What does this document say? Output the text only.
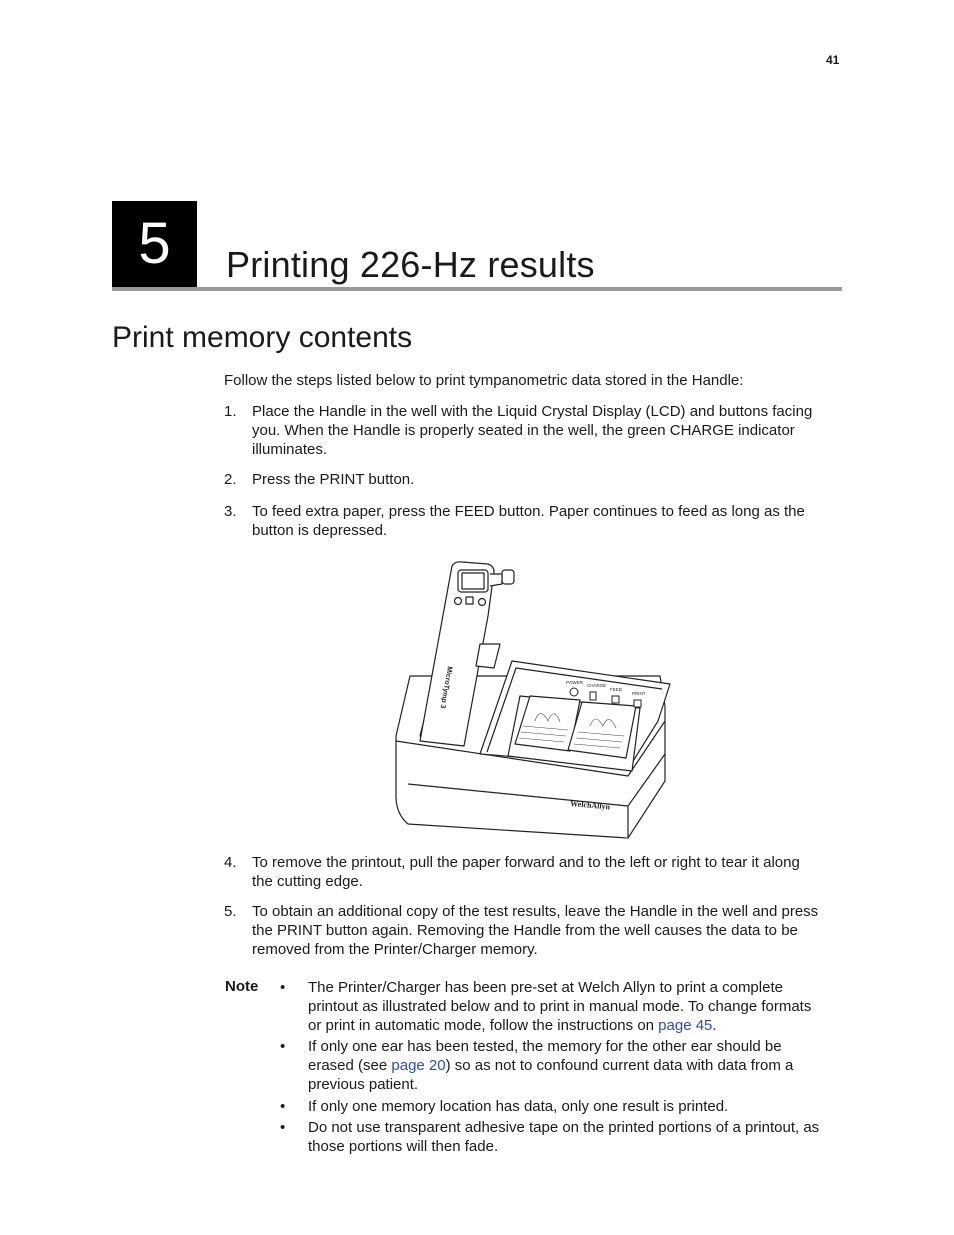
41
5	Printing 226-Hz results
Print memory contents
Follow the steps listed below to print tympanometric data stored in the Handle:
1. Place the Handle in the well with the Liquid Crystal Display (LCD) and buttons facing
you. When the Handle is properly seated in the well, the green CHARGE indicator
illuminates.
2. Press the PRINT button.
3. To feed extra paper, press the FEED button. Paper continues to feed as long as the
button is depressed.
POWER
CHARGE
FEED
PRINT
MicroTymp 3
WelchAllyn
4. To remove the printout, pull the paper forward and to the left or right to tear it along
the cutting edge.
5. To obtain an additional copy of the test results, leave the Handle in the well and press
the PRINT button again. Removing the Handle from the well causes the data to be
removed from the Printer/Charger memory.
Note • The Printer/Charger has been pre-set at Welch Allyn to print a complete
printout as illustrated below and to print in manual mode. To change formats
or print in automatic mode, follow the instructions on page 45.
• If only one ear has been tested, the memory for the other ear should be
erased (see page 20) so as not to confound current data with data from a
previous patient.
• If only one memory location has data, only one result is printed.
• Do not use transparent adhesive tape on the printed portions of a printout, as
those portions will then fade.
